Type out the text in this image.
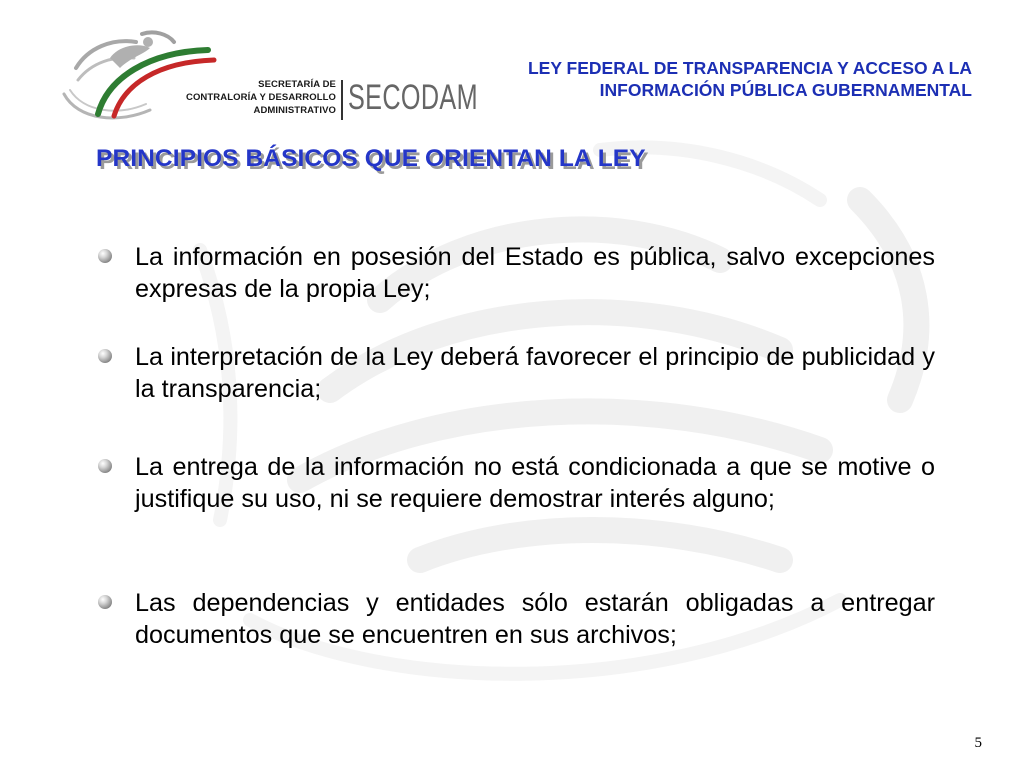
SECRETARÍA DE
CONTRALORÍA Y DESARROLLO
ADMINISTRATIVO SECODAM
LEY FEDERAL DE TRANSPARENCIA Y ACCESO A LA
INFORMACIÓN PÚBLICA GUBERNAMENTAL
PRINCIPIOS BÁSICOS QUE ORIENTAN LA LEY

La información en posesión del Estado es pública, salvo excepciones expresas de la propia Ley;

La interpretación de la Ley deberá favorecer el principio de publicidad y la transparencia;

La entrega de la información no está condicionada a que se motive o justifique su uso, ni se requiere demostrar interés alguno;

Las dependencias y entidades sólo estarán obligadas a entregar documentos que se encuentren en sus archivos;

5
